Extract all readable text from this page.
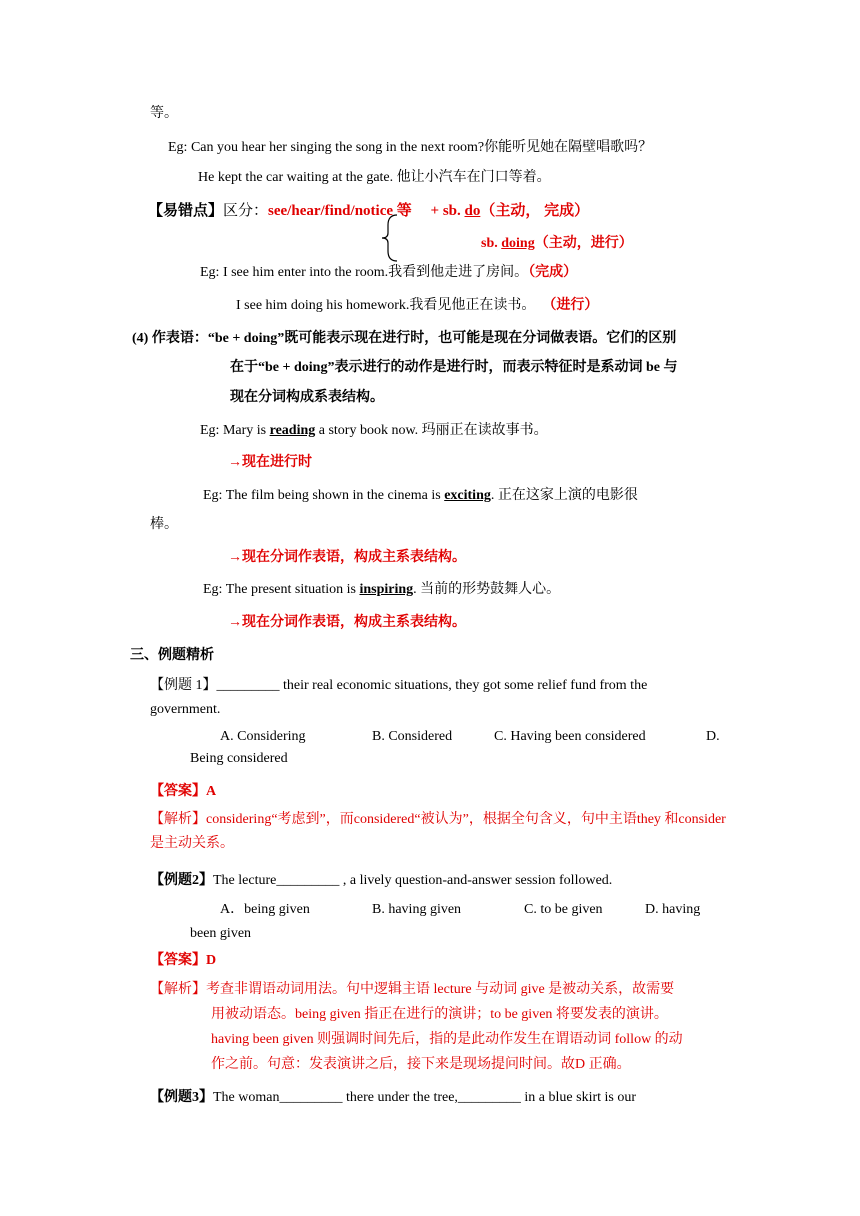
等。
Eg: Can you hear her singing the song in the next room?你能听见她在隔壁唱歌吗？
He kept the car waiting at the gate. 他让小汽车在门口等着。
【易错点】区分：see/hear/find/notice 等 + sb. do（主动， 完成）
sb. doing（主动，进行）
Eg: I see him enter into the room.我看到他走进了房间。（完成）
I see him doing his homework.我看见他正在读书。 （进行）
(4) 作表语：“be + doing”既可能表示现在进行时，也可能是现在分词做表语。它们的区别
在于“be + doing”表示进行的动作是进行时，而表示特征时是系动词 be 与
现在分词构成系表结构。
Eg: Mary is reading a story book now. 玛丽正在读故事书。
→现在进行时
Eg: The film being shown in the cinema is exciting. 正在这家上演的电影很
棒。
→现在分词作表语，构成主系表结构。
Eg: The present situation is inspiring. 当前的形势鼓舞人心。
→现在分词作表语，构成主系表结构。
三、例题精析
【例题 1】_________ their real economic situations, they got some relief fund from the
government.
A. Considering	B. Considered	C. Having been considered	D.
Being considered
【答案】A
【解析】considering“考虑到”，而considered“被认为”，根据全句含义，句中主语they 和consider
是主动关系。
【例题2】The lecture_________ , a lively question-and-answer session followed.
A．being given	B. having given	C. to be given	D. having
been given
【答案】D
【解析】考查非谓语动词用法。句中逻辑主语 lecture 与动词 give 是被动关系，故需要
用被动语态。being given 指正在进行的演讲；to be given 将要发表的演讲。
having been given 则强调时间先后，指的是此动作发生在谓语动词 follow 的动
作之前。句意：发表演讲之后，接下来是现场提问时间。故D 正确。
【例题3】The woman_________ there under the tree,_________ in a blue skirt is our
